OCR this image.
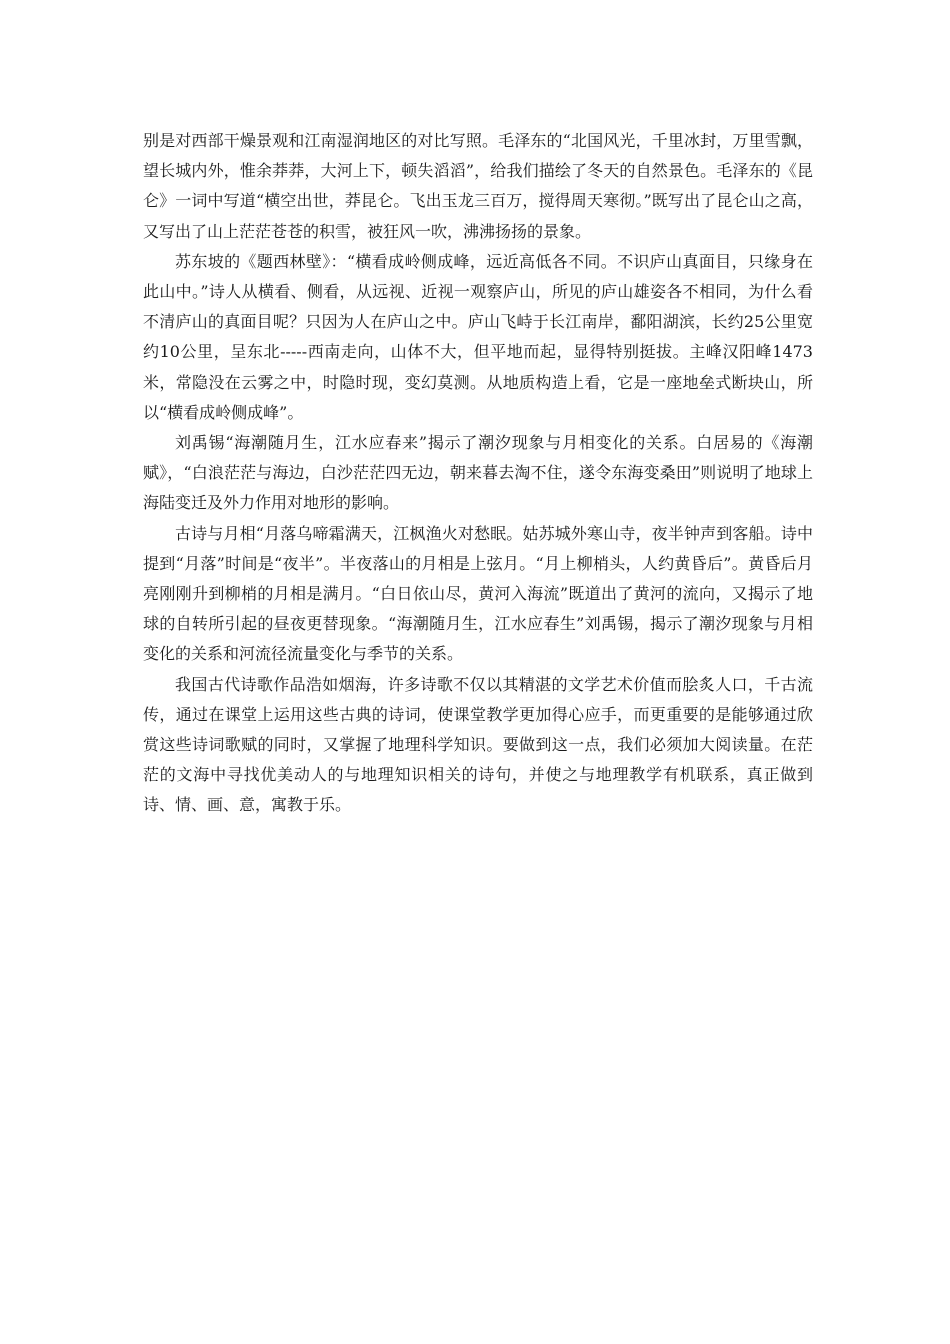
别是对西部干燥景观和江南湿润地区的对比写照。毛泽东的“北国风光，千里冰封，万里雪飘，望长城内外，惟余莽莽，大河上下，顿失滔滔”，给我们描绘了冬天的自然景色。毛泽东的《昆仑》一词中写道“横空出世，莽昆仑。飞出玉龙三百万，搅得周天寒彻。”既写出了昆仑山之高，又写出了山上茫茫苍苍的积雪，被狂风一吹，沸沸扬扬的景象。

苏东坡的《题西林壁》：“横看成岭侧成峰，远近高低各不同。不识庐山真面目，只缘身在此山中。”诗人从横看、侧看，从远视、近视一观察庐山，所见的庐山雄姿各不相同，为什么看不清庐山的真面目呢？只因为人在庐山之中。庐山飞峙于长江南岸，鄱阳湖滨，长约25公里宽约10公里，呈东北-----西南走向，山体不大，但平地而起，显得特别挺拔。主峰汉阳峰1473米，常隐没在云雾之中，时隐时现，变幻莫测。从地质构造上看，它是一座地垒式断块山，所以“横看成岭侧成峰”。

刘禹锡“海潮随月生，江水应春来”揭示了潮汐现象与月相变化的关系。白居易的《海潮赋》，“白浪茫茫与海边，白沙茫茫四无边，朝来暮去淘不住，遂令东海变桑田”则说明了地球上海陆变迁及外力作用对地形的影响。

古诗与月相“月落乌啼霜满天，江枫渔火对愁眠。姑苏城外寒山寺，夜半钟声到客船。诗中提到“月落”时间是“夜半”。半夜落山的月相是上弦月。“月上柳梢头，人约黄昏后”。黄昏后月亮刚刚升到柳梢的月相是满月。“白日依山尽，黄河入海流”既道出了黄河的流向，又揭示了地球的自转所引起的昼夜更替现象。“海潮随月生，江水应春生”刘禹锡，揭示了潮汐现象与月相变化的关系和河流径流量变化与季节的关系。

我国古代诗歌作品浩如烟海，许多诗歌不仅以其精湛的文学艺术价值而脍炙人口，千古流传，通过在课堂上运用这些古典的诗词，使课堂教学更加得心应手，而更重要的是能够通过欣赏这些诗词歌赋的同时，又掌握了地理科学知识。要做到这一点，我们必须加大阅读量。在茫茫的文海中寻找优美动人的与地理知识相关的诗句，并使之与地理教学有机联系，真正做到诗、情、画、意，寓教于乐。
